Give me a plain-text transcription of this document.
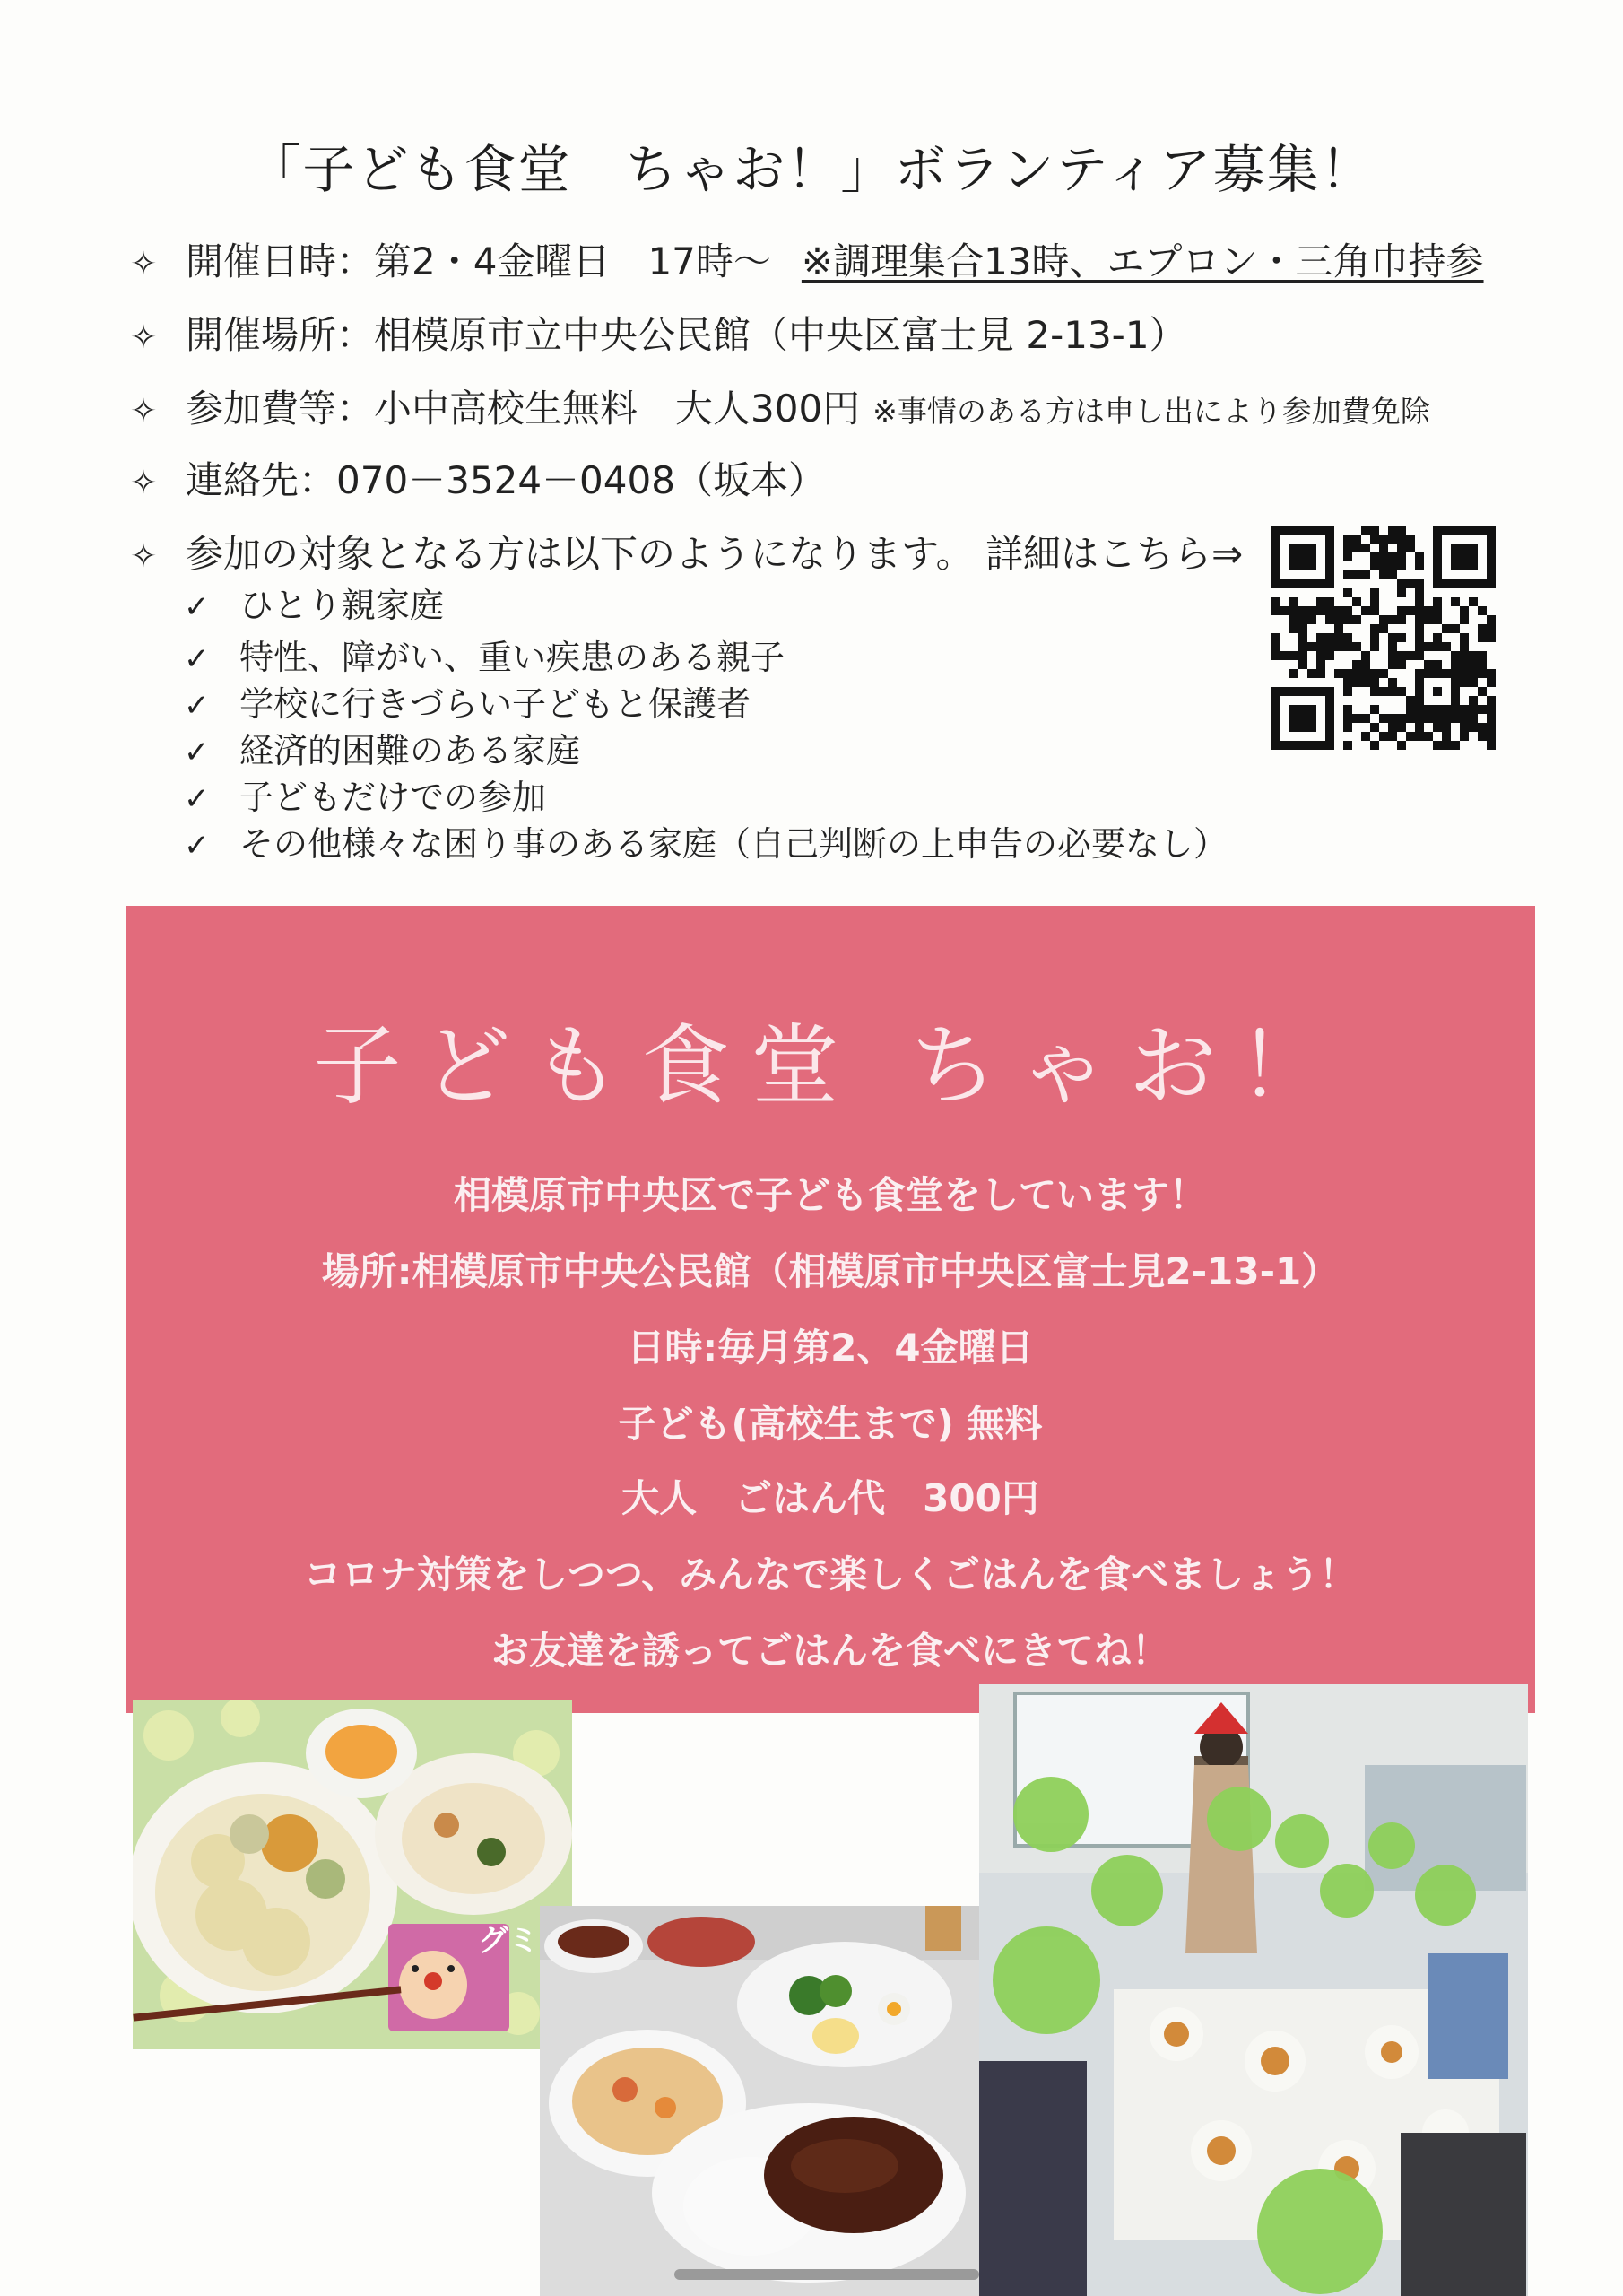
「子ども食堂　ちゃお！」ボランティア募集！
✧ 開催日時：第2・4金曜日　17時～ ※調理集合13時、エプロン・三角巾持参
✧ 開催場所：相模原市立中央公民館（中央区富士見 2-13-1）
✧ 参加費等：小中高校生無料　大人300円 ※事情のある方は申し出により参加費免除
✧ 連絡先：070－3524－0408（坂本）
✧ 参加の対象となる方は以下のようになります。 詳細はこちら⇒
✓ ひとり親家庭
✓ 特性、障がい、重い疾患のある親子
✓ 学校に行きづらい子どもと保護者
✓ 経済的困難のある家庭
✓ 子どもだけでの参加
✓ その他様々な困り事のある家庭（自己判断の上申告の必要なし）
子ども食堂 ちゃお！
相模原市中央区で子ども食堂をしています！
場所:相模原市中央公民館（相模原市中央区富士見2-13-1）
日時:毎月第2、4金曜日
子ども(高校生まで) 無料
大人　ごはん代　300円
コロナ対策をしつつ、みんなで楽しくごはんを食べましょう！
お友達を誘ってごはんを食べにきてね！
グミ
